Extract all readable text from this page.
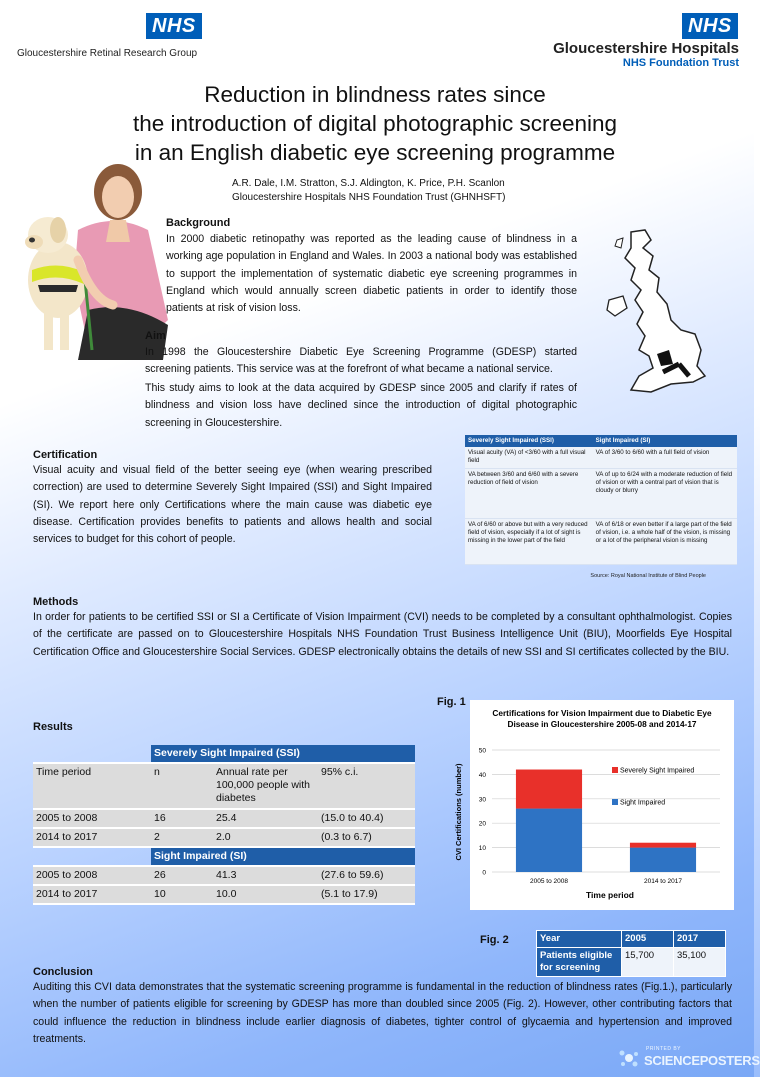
NHS
Gloucestershire Retinal Research Group
NHS
Gloucestershire Hospitals
NHS Foundation Trust
Reduction in blindness rates since
the introduction of digital photographic screening
in an English diabetic eye screening programme
A.R. Dale, I.M. Stratton, S.J. Aldington, K. Price, P.H. Scanlon
Gloucestershire Hospitals NHS Foundation Trust (GHNHSFT)
Background
In 2000 diabetic retinopathy was reported as the leading cause of blindness in a working age population in England and Wales. In 2003 a national body was established to support the implementation of systematic diabetic eye screening programmes in England which would annually screen diabetic patients in order to identify those patients at risk of vision loss.
Aim
In 1998 the Gloucestershire Diabetic Eye Screening Programme (GDESP) started screening patients. This service was at the forefront of what became a national service.
This study aims to look at the data acquired by GDESP since 2005 and clarify if rates of blindness and vision loss have declined since the introduction of digital photographic screening in Gloucestershire.
Certification
Visual acuity and visual field of the better seeing eye (when wearing prescribed correction) are used to determine Severely Sight Impaired (SSI) and Sight Impaired (SI). We report here only Certifications where the main cause was diabetic eye disease. Certification provides benefits to patients and allows health and social services to budget for this cohort of people.
Severely Sight Impaired (SSI)	Sight Impaired (SI)
Visual acuity (VA) of <3/60 with a full visual field	VA of 3/60 to 6/60 with a full field of vision
VA between 3/60 and 6/60 with a severe reduction of field of vision	VA of up to 6/24 with a moderate reduction of field of vision or with a central part of vision that is cloudy or blurry
VA of 6/60 or above but with a very reduced field of vision, especially if a lot of sight is missing in the lower part of the field	VA of 6/18 or even better if a large part of the field of vision, i.e. a whole half of the vision, is missing or a lot of the peripheral vision is missing
Source: Royal National Institute of Blind People
Methods
In order for patients to be certified SSI or SI a Certificate of Vision Impairment (CVI) needs to be completed by a consultant ophthalmologist. Copies of the certificate are passed on to Gloucestershire Hospitals NHS Foundation Trust Business Intelligence Unit (BIU), Moorfields Eye Hospital Certification Office and Gloucestershire Social Services. GDESP electronically obtains the details of new SSI and SI certificates collected by the BIU.
Results
	Severely Sight Impaired (SSI)		
Time period	n	Annual rate per 100,000 people with diabetes	95% c.i.
2005 to 2008	16	25.4	(15.0 to 40.4)
2014 to 2017	2	2.0	(0.3 to 6.7)
	Sight Impaired (SI)		
2005 to 2008	26	41.3	(27.6 to 59.6)
2014 to 2017	10	10.0	(5.1 to 17.9)
Fig. 1
Certifications for Vision Impairment due to Diabetic Eye
Disease in Gloucestershire 2005-08 and 2014-17
0
10
20
30
40
50
2005 to 2008	2014 to 2017
Severely Sight Impaired
Sight Impaired
Time period
CVI Certifications (number)
Fig. 2	Year	2005	2017
Patients eligible for screening	15,700	35,100
Conclusion
Auditing this CVI data demonstrates that the systematic screening programme is fundamental in the reduction of blindness rates (Fig.1.), particularly when the number of patients eligible for screening by GDESP has more than doubled since 2005 (Fig. 2). However, other contributing factors that could influence the reduction in blindness include earlier diagnosis of diabetes, tighter control of glycaemia and hypertension and improved treatments.
PRINTED BY
SCIENCEPOSTERS
